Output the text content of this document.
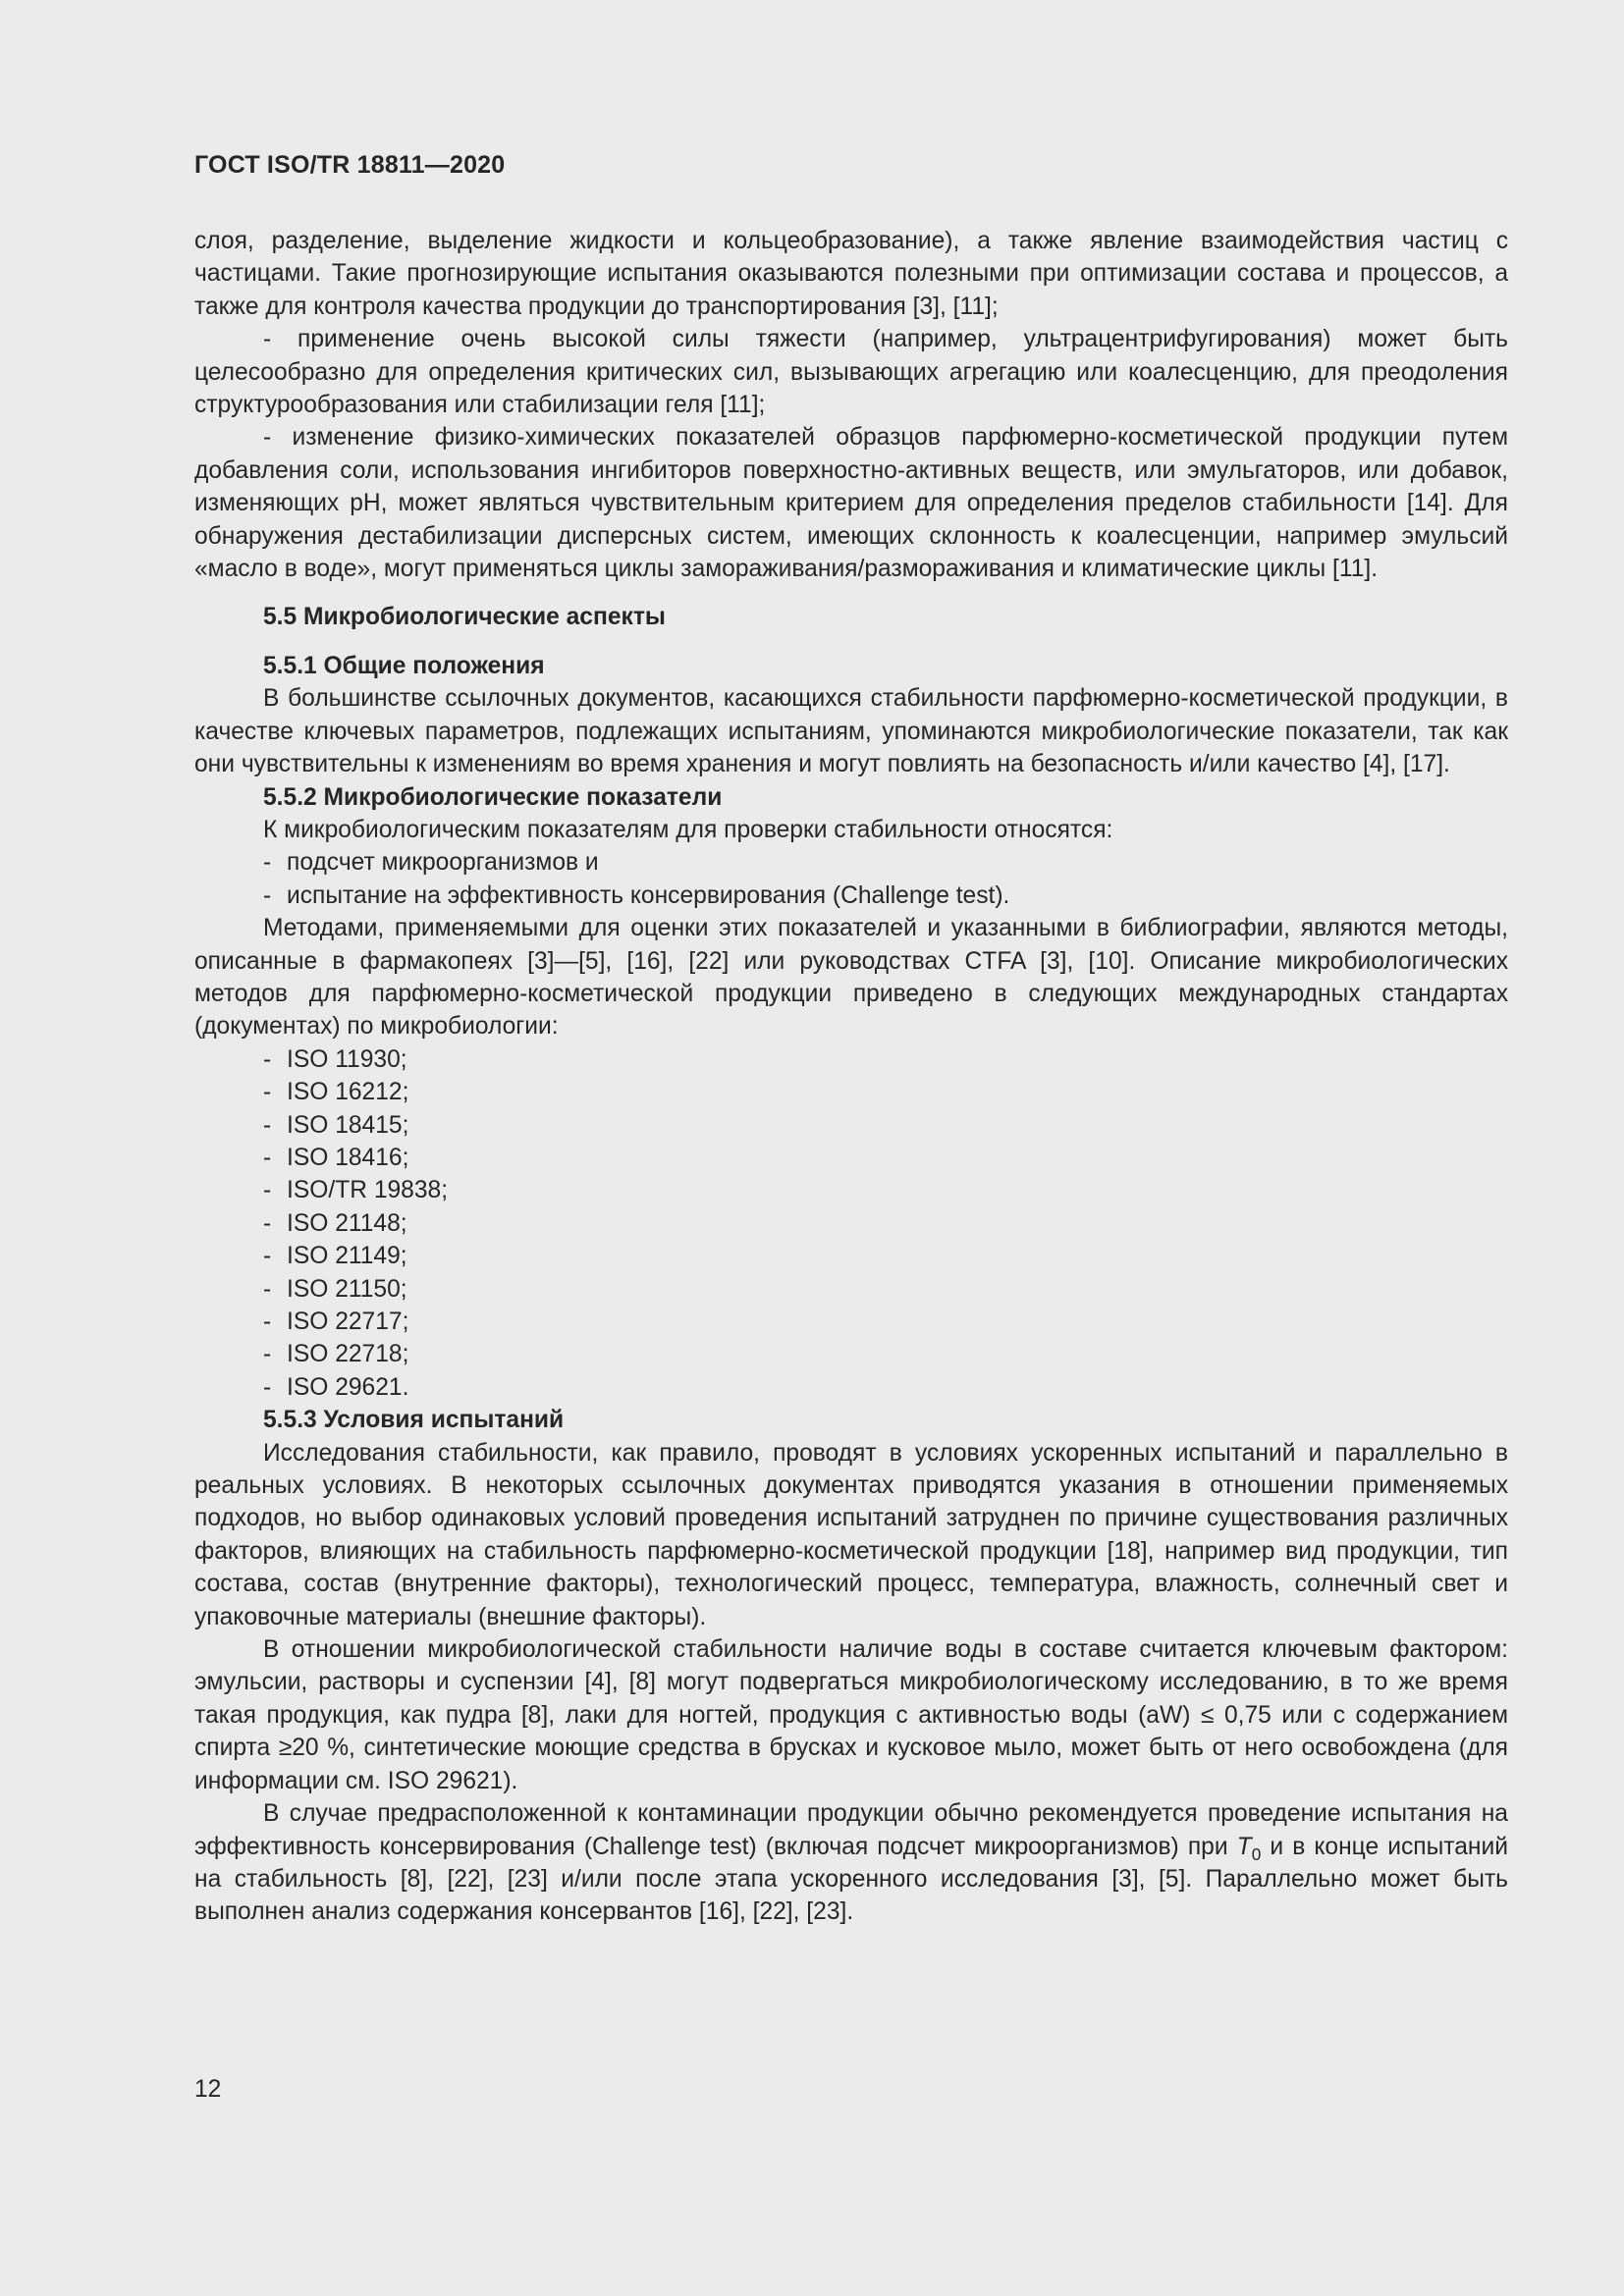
ГОСТ ISO/TR 18811—2020

слоя, разделение, выделение жидкости и кольцеобразование), а также явление взаимодействия частиц с частицами. Такие прогнозирующие испытания оказываются полезными при оптимизации состава и процессов, а также для контроля качества продукции до транспортирования [3], [11];

- применение очень высокой силы тяжести (например, ультрацентрифугирования) может быть целесообразно для определения критических сил, вызывающих агрегацию или коалесценцию, для преодоления структурообразования или стабилизации геля [11];

- изменение физико-химических показателей образцов парфюмерно-косметической продукции путем добавления соли, использования ингибиторов поверхностно-активных веществ, или эмульгаторов, или добавок, изменяющих pH, может являться чувствительным критерием для определения пределов стабильности [14]. Для обнаружения дестабилизации дисперсных систем, имеющих склонность к коалесценции, например эмульсий «масло в воде», могут применяться циклы замораживания/размораживания и климатические циклы [11].

5.5 Микробиологические аспекты

5.5.1 Общие положения

В большинстве ссылочных документов, касающихся стабильности парфюмерно-косметической продукции, в качестве ключевых параметров, подлежащих испытаниям, упоминаются микробиологические показатели, так как они чувствительны к изменениям во время хранения и могут повлиять на безопасность и/или качество [4], [17].

5.5.2 Микробиологические показатели

К микробиологическим показателям для проверки стабильности относятся:

- подсчет микроорганизмов и
- испытание на эффективность консервирования (Challenge test).

Методами, применяемыми для оценки этих показателей и указанными в библиографии, являются методы, описанные в фармакопеях [3]—[5], [16], [22] или руководствах CTFA [3], [10]. Описание микробиологических методов для парфюмерно-косметической продукции приведено в следующих международных стандартах (документах) по микробиологии:

- ISO 11930;
- ISO 16212;
- ISO 18415;
- ISO 18416;
- ISO/TR 19838;
- ISO 21148;
- ISO 21149;
- ISO 21150;
- ISO 22717;
- ISO 22718;
- ISO 29621.

5.5.3 Условия испытаний

Исследования стабильности, как правило, проводят в условиях ускоренных испытаний и параллельно в реальных условиях. В некоторых ссылочных документах приводятся указания в отношении применяемых подходов, но выбор одинаковых условий проведения испытаний затруднен по причине существования различных факторов, влияющих на стабильность парфюмерно-косметической продукции [18], например вид продукции, тип состава, состав (внутренние факторы), технологический процесс, температура, влажность, солнечный свет и упаковочные материалы (внешние факторы).

В отношении микробиологической стабильности наличие воды в составе считается ключевым фактором: эмульсии, растворы и суспензии [4], [8] могут подвергаться микробиологическому исследованию, в то же время такая продукция, как пудра [8], лаки для ногтей, продукция с активностью воды (aW) ≤ 0,75 или с содержанием спирта ≥20 %, синтетические моющие средства в брусках и кусковое мыло, может быть от него освобождена (для информации см. ISO 29621).

В случае предрасположенной к контаминации продукции обычно рекомендуется проведение испытания на эффективность консервирования (Challenge test) (включая подсчет микроорганизмов) при $T_0$ и в конце испытаний на стабильность [8], [22], [23] и/или после этапа ускоренного исследования [3], [5]. Параллельно может быть выполнен анализ содержания консервантов [16], [22], [23].

12
